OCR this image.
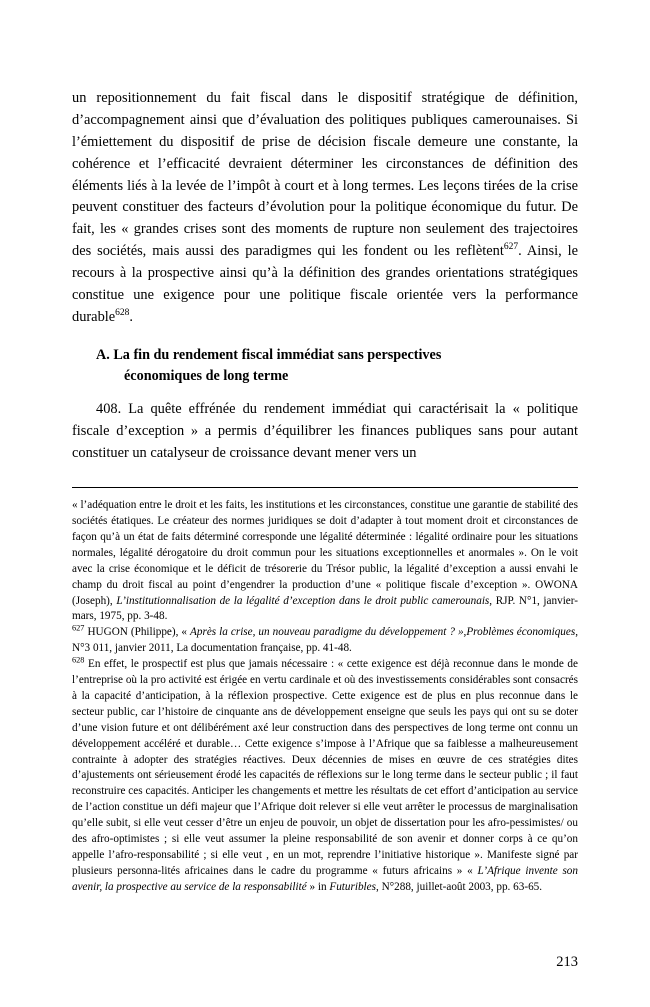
un repositionnement du fait fiscal dans le dispositif stratégique de définition, d’accompagnement ainsi que d’évaluation des politiques publiques camerounaises. Si l’émiettement du dispositif de prise de décision fiscale demeure une constante, la cohérence et l’efficacité devraient déterminer les circonstances de définition des éléments liés à la levée de l’impôt à court et à long termes. Les leçons tirées de la crise peuvent constituer des facteurs d’évolution pour la politique économique du futur. De fait, les « grandes crises sont des moments de rupture non seulement des trajectoires des sociétés, mais aussi des paradigmes qui les fondent ou les reflètent$^{627}$. Ainsi, le recours à la prospective ainsi qu’à la définition des grandes orientations stratégiques constitue une exigence pour une politique fiscale orientée vers la performance durable$^{628}$.

A. La fin du rendement fiscal immédiat sans perspectives
économiques de long terme

408. La quête effrénée du rendement immédiat qui caractérisait la « politique fiscale d’exception » a permis d’équilibrer les finances publiques sans pour autant constituer un catalyseur de croissance devant mener vers un

« l’adéquation entre le droit et les faits, les institutions et les circonstances, constitue une garantie de stabilité des sociétés étatiques. Le créateur des normes juridiques se doit d’adapter à tout moment droit et circonstances de façon qu’à un état de faits déterminé corresponde une légalité déterminée : légalité ordinaire pour les situations normales, légalité dérogatoire du droit commun pour les situations exceptionnelles et anormales ». On le voit avec la crise économique et le déficit de trésorerie du Trésor public, la légalité d’exception a aussi envahi le champ du droit fiscal au point d’engendrer la production d’une « politique fiscale d’exception ». OWONA (Joseph), L’institutionnalisation de la légalité d’exception dans le droit public camerounais, RJP. N°1, janvier-mars, 1975, pp. 3-48.

$^{627}$ HUGON (Philippe), « Après la crise, un nouveau paradigme du développement ? »,Problèmes économiques, N°3 011, janvier 2011, La documentation française, pp. 41-48.

$^{628}$ En effet, le prospectif est plus que jamais nécessaire : « cette exigence est déjà reconnue dans le monde de l’entreprise où la pro activité est érigée en vertu cardinale et où des investissements considérables sont consacrés à la capacité d’anticipation, à la réflexion prospective. Cette exigence est de plus en plus reconnue dans le secteur public, car l’histoire de cinquante ans de développement enseigne que seuls les pays qui ont su se doter d’une vision future et ont délibérément axé leur construction dans des perspectives de long terme ont connu un développement accéléré et durable… Cette exigence s’impose à l’Afrique que sa faiblesse a malheureusement contrainte à adopter des stratégies réactives. Deux décennies de mises en œuvre de ces stratégies dites d’ajustements ont sérieusement érodé les capacités de réflexions sur le long terme dans le secteur public ; il faut reconstruire ces capacités. Anticiper les changements et mettre les résultats de cet effort d’anticipation au service de l’action constitue un défi majeur que l’Afrique doit relever si elle veut arrêter le processus de marginalisation qu’elle subit, si elle veut cesser d’être un enjeu de pouvoir, un objet de dissertation pour les afro-pessimistes/ ou des afro-optimistes ; si elle veut assumer la pleine responsabilité de son avenir et donner corps à ce qu’on appelle l’afro-responsabilité ; si elle veut , en un mot, reprendre l’initiative historique ». Manifeste signé par plusieurs personna-lités africaines dans le cadre du programme « futurs africains » « L’Afrique invente son avenir, la prospective au service de la responsabilité » in Futuribles, N°288, juillet-août 2003, pp. 63-65.

213
